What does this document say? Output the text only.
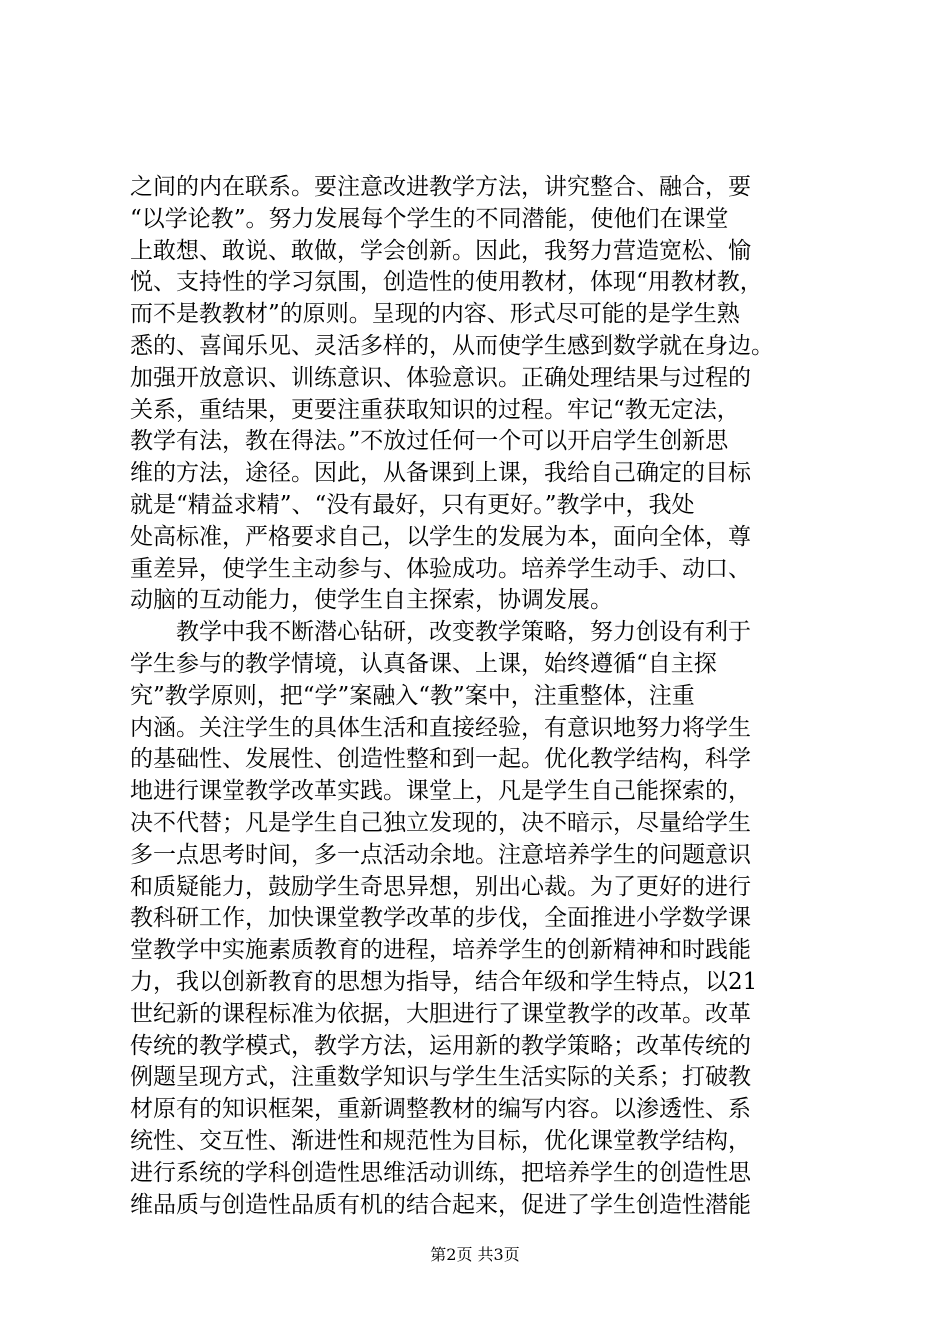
之间的内在联系。要注意改进教学方法，讲究整合、融合，要
“以学论教”。努力发展每个学生的不同潜能，使他们在课堂
上敢想、敢说、敢做，学会创新。因此，我努力营造宽松、愉
悦、支持性的学习氛围，创造性的使用教材，体现“用教材教，
而不是教教材”的原则。呈现的内容、形式尽可能的是学生熟
悉的、喜闻乐见、灵活多样的，从而使学生感到数学就在身边。
加强开放意识、训练意识、体验意识。正确处理结果与过程的
关系，重结果，更要注重获取知识的过程。牢记“教无定法，
教学有法，教在得法。”不放过任何一个可以开启学生创新思
维的方法，途径。因此，从备课到上课，我给自己确定的目标
就是“精益求精”、“没有最好，只有更好。”教学中，我处
处高标准，严格要求自己，以学生的发展为本，面向全体，尊
重差异，使学生主动参与、体验成功。培养学生动手、动口、
动脑的互动能力，使学生自主探索，协调发展。
　　教学中我不断潜心钻研，改变教学策略，努力创设有利于
学生参与的教学情境，认真备课、上课，始终遵循“自主探
究”教学原则，把“学”案融入“教”案中，注重整体，注重
内涵。关注学生的具体生活和直接经验，有意识地努力将学生
的基础性、发展性、创造性整和到一起。优化教学结构，科学
地进行课堂教学改革实践。课堂上，凡是学生自己能探索的，
决不代替；凡是学生自己独立发现的，决不暗示，尽量给学生
多一点思考时间，多一点活动余地。注意培养学生的问题意识
和质疑能力，鼓励学生奇思异想，别出心裁。为了更好的进行
教科研工作，加快课堂教学改革的步伐，全面推进小学数学课
堂教学中实施素质教育的进程，培养学生的创新精神和时践能
力，我以创新教育的思想为指导，结合年级和学生特点，以21
世纪新的课程标准为依据，大胆进行了课堂教学的改革。改革
传统的教学模式，教学方法，运用新的教学策略；改革传统的
例题呈现方式，注重数学知识与学生生活实际的关系；打破教
材原有的知识框架，重新调整教材的编写内容。以渗透性、系
统性、交互性、渐进性和规范性为目标，优化课堂教学结构，
进行系统的学科创造性思维活动训练，把培养学生的创造性思
维品质与创造性品质有机的结合起来，促进了学生创造性潜能
第2页 共3页
